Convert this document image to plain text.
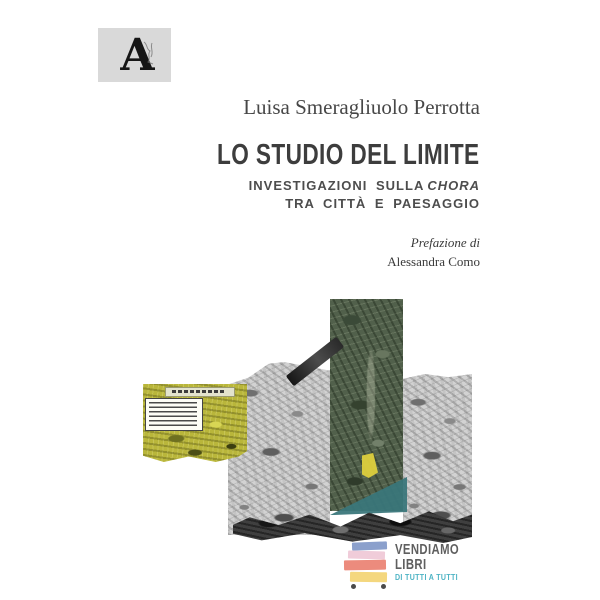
A
Luisa Smeragliuolo Perrotta
LO STUDIO DEL LIMITE
INVESTIGAZIONI SULLA CHORA
TRA CITTÀ E PAESAGGIO
Prefazione di
Alessandra Como
VENDIAMO
LIBRI
DI TUTTI A TUTTI
